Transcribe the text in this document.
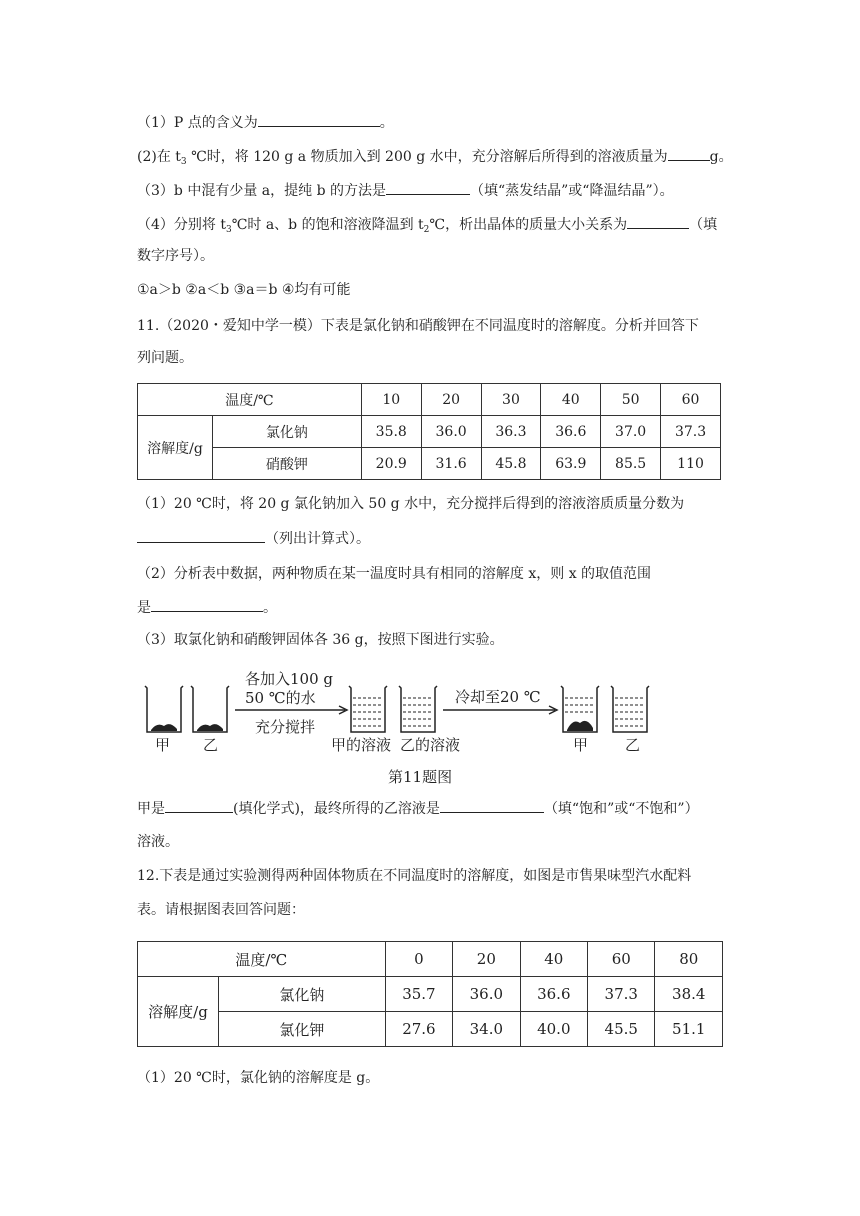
（1）P 点的含义为	。
(2)在 $t_3$ ℃时，将 120 g a 物质加入到 200 g 水中，充分溶解后所得到的溶液质量为	g。
（3）b 中混有少量 a，提纯 b 的方法是	（填“蒸发结晶”或“降温结晶”）。
（4）分别将 $t_3℃$时 a、b 的饱和溶液降温到 $t_2℃$，析出晶体的质量大小关系为	（填
数字序号）。
①a＞b ②a＜b ③a＝b ④均有可能
11.（2020・爱知中学一模）下表是氯化钠和硝酸钾在不同温度时的溶解度。分析并回答下
列问题。
温度/℃		10	20	30	40	50	60
溶解度/g	氯化钠	35.8	36.0	36.3	36.6	37.0	37.3
	硝酸钾	20.9	31.6	45.8	63.9	85.5	110
（1）20 ℃时，将 20 g 氯化钠加入 50 g 水中，充分搅拌后得到的溶液溶质质量分数为
（列出计算式）。
（2）分析表中数据，两种物质在某一温度时具有相同的溶解度 x，则 x 的取值范围
是	。
（3）取氯化钠和硝酸钾固体各 36 g，按照下图进行实验。
各加入100 g
50 ℃的水
充分搅拌
冷却至20 ℃
甲 乙	甲的溶液 乙的溶液	甲 乙
第11题图
甲是	(填化学式)，最终所得的乙溶液是	（填“饱和”或“不饱和”）
溶液。
12.下表是通过实验测得两种固体物质在不同温度时的溶解度，如图是市售果味型汽水配料
表。请根据图表回答问题：
温度/℃		0	20	40	60	80
溶解度/g	氯化钠	35.7	36.0	36.6	37.3	38.4
	氯化钾	27.6	34.0	40.0	45.5	51.1
（1）20 ℃时，氯化钠的溶解度是 g。
